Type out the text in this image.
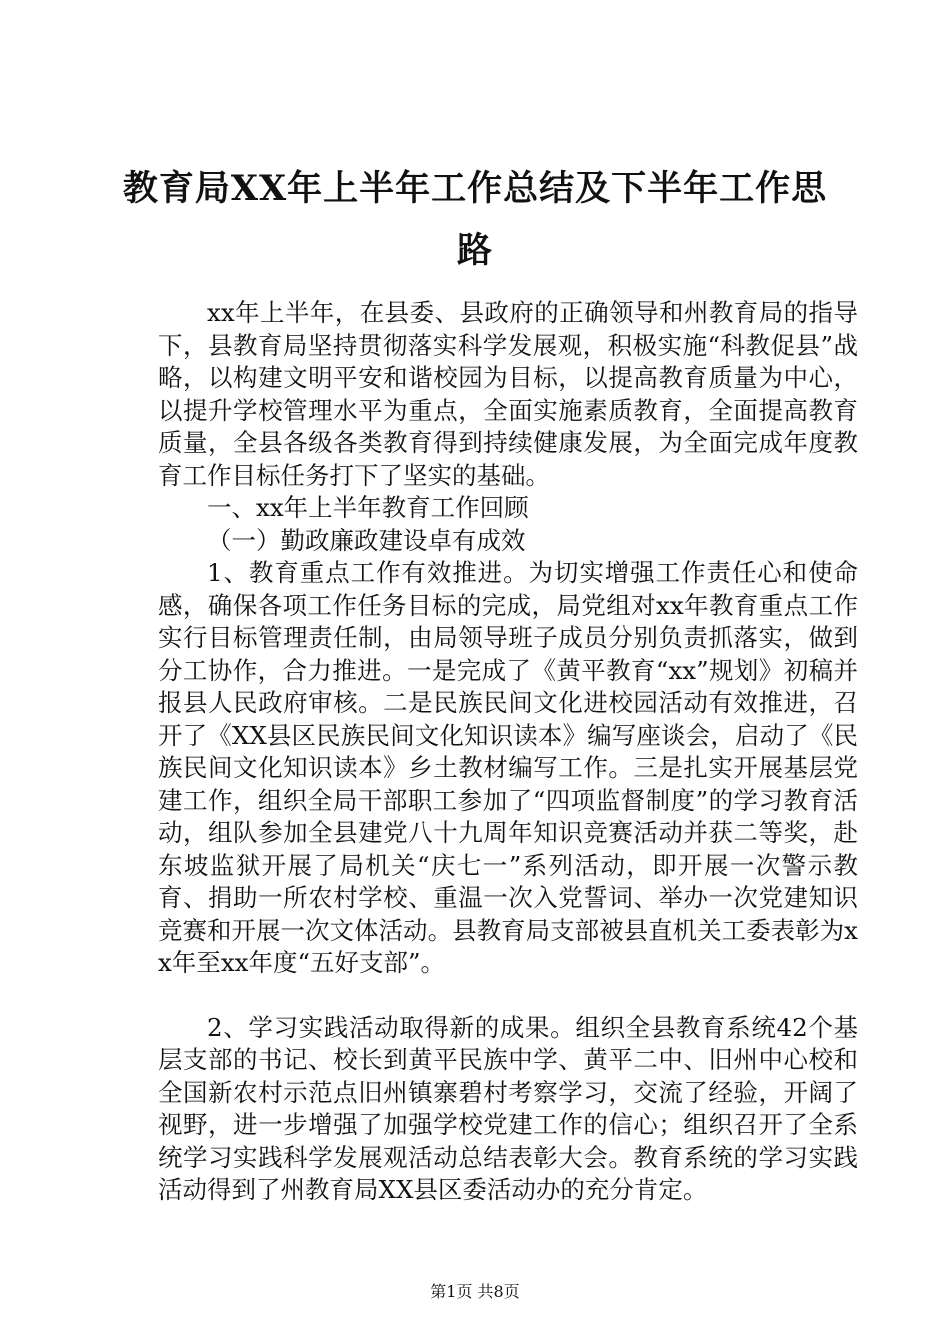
教育局XX年上半年工作总结及下半年工作思路

xx年上半年，在县委、县政府的正确领导和州教育局的指导下，县教育局坚持贯彻落实科学发展观，积极实施“科教促县”战略，以构建文明平安和谐校园为目标，以提高教育质量为中心，以提升学校管理水平为重点，全面实施素质教育，全面提高教育质量，全县各级各类教育得到持续健康发展，为全面完成年度教育工作目标任务打下了坚实的基础。

一、xx年上半年教育工作回顾

（一）勤政廉政建设卓有成效

1、教育重点工作有效推进。为切实增强工作责任心和使命感，确保各项工作任务目标的完成，局党组对xx年教育重点工作实行目标管理责任制，由局领导班子成员分别负责抓落实，做到分工协作，合力推进。一是完成了《黄平教育“xx”规划》初稿并报县人民政府审核。二是民族民间文化进校园活动有效推进，召开了《XX县区民族民间文化知识读本》编写座谈会，启动了《民族民间文化知识读本》乡土教材编写工作。三是扎实开展基层党建工作，组织全局干部职工参加了“四项监督制度”的学习教育活动，组队参加全县建党八十九周年知识竞赛活动并获二等奖，赴东坡监狱开展了局机关“庆七一”系列活动，即开展一次警示教育、捐助一所农村学校、重温一次入党誓词、举办一次党建知识竞赛和开展一次文体活动。县教育局支部被县直机关工委表彰为xx年至xx年度“五好支部”。

2、学习实践活动取得新的成果。组织全县教育系统42个基层支部的书记、校长到黄平民族中学、黄平二中、旧州中心校和全国新农村示范点旧州镇寨碧村考察学习，交流了经验，开阔了视野，进一步增强了加强学校党建工作的信心；组织召开了全系统学习实践科学发展观活动总结表彰大会。教育系统的学习实践活动得到了州教育局XX县区委活动办的充分肯定。

第1页 共8页
